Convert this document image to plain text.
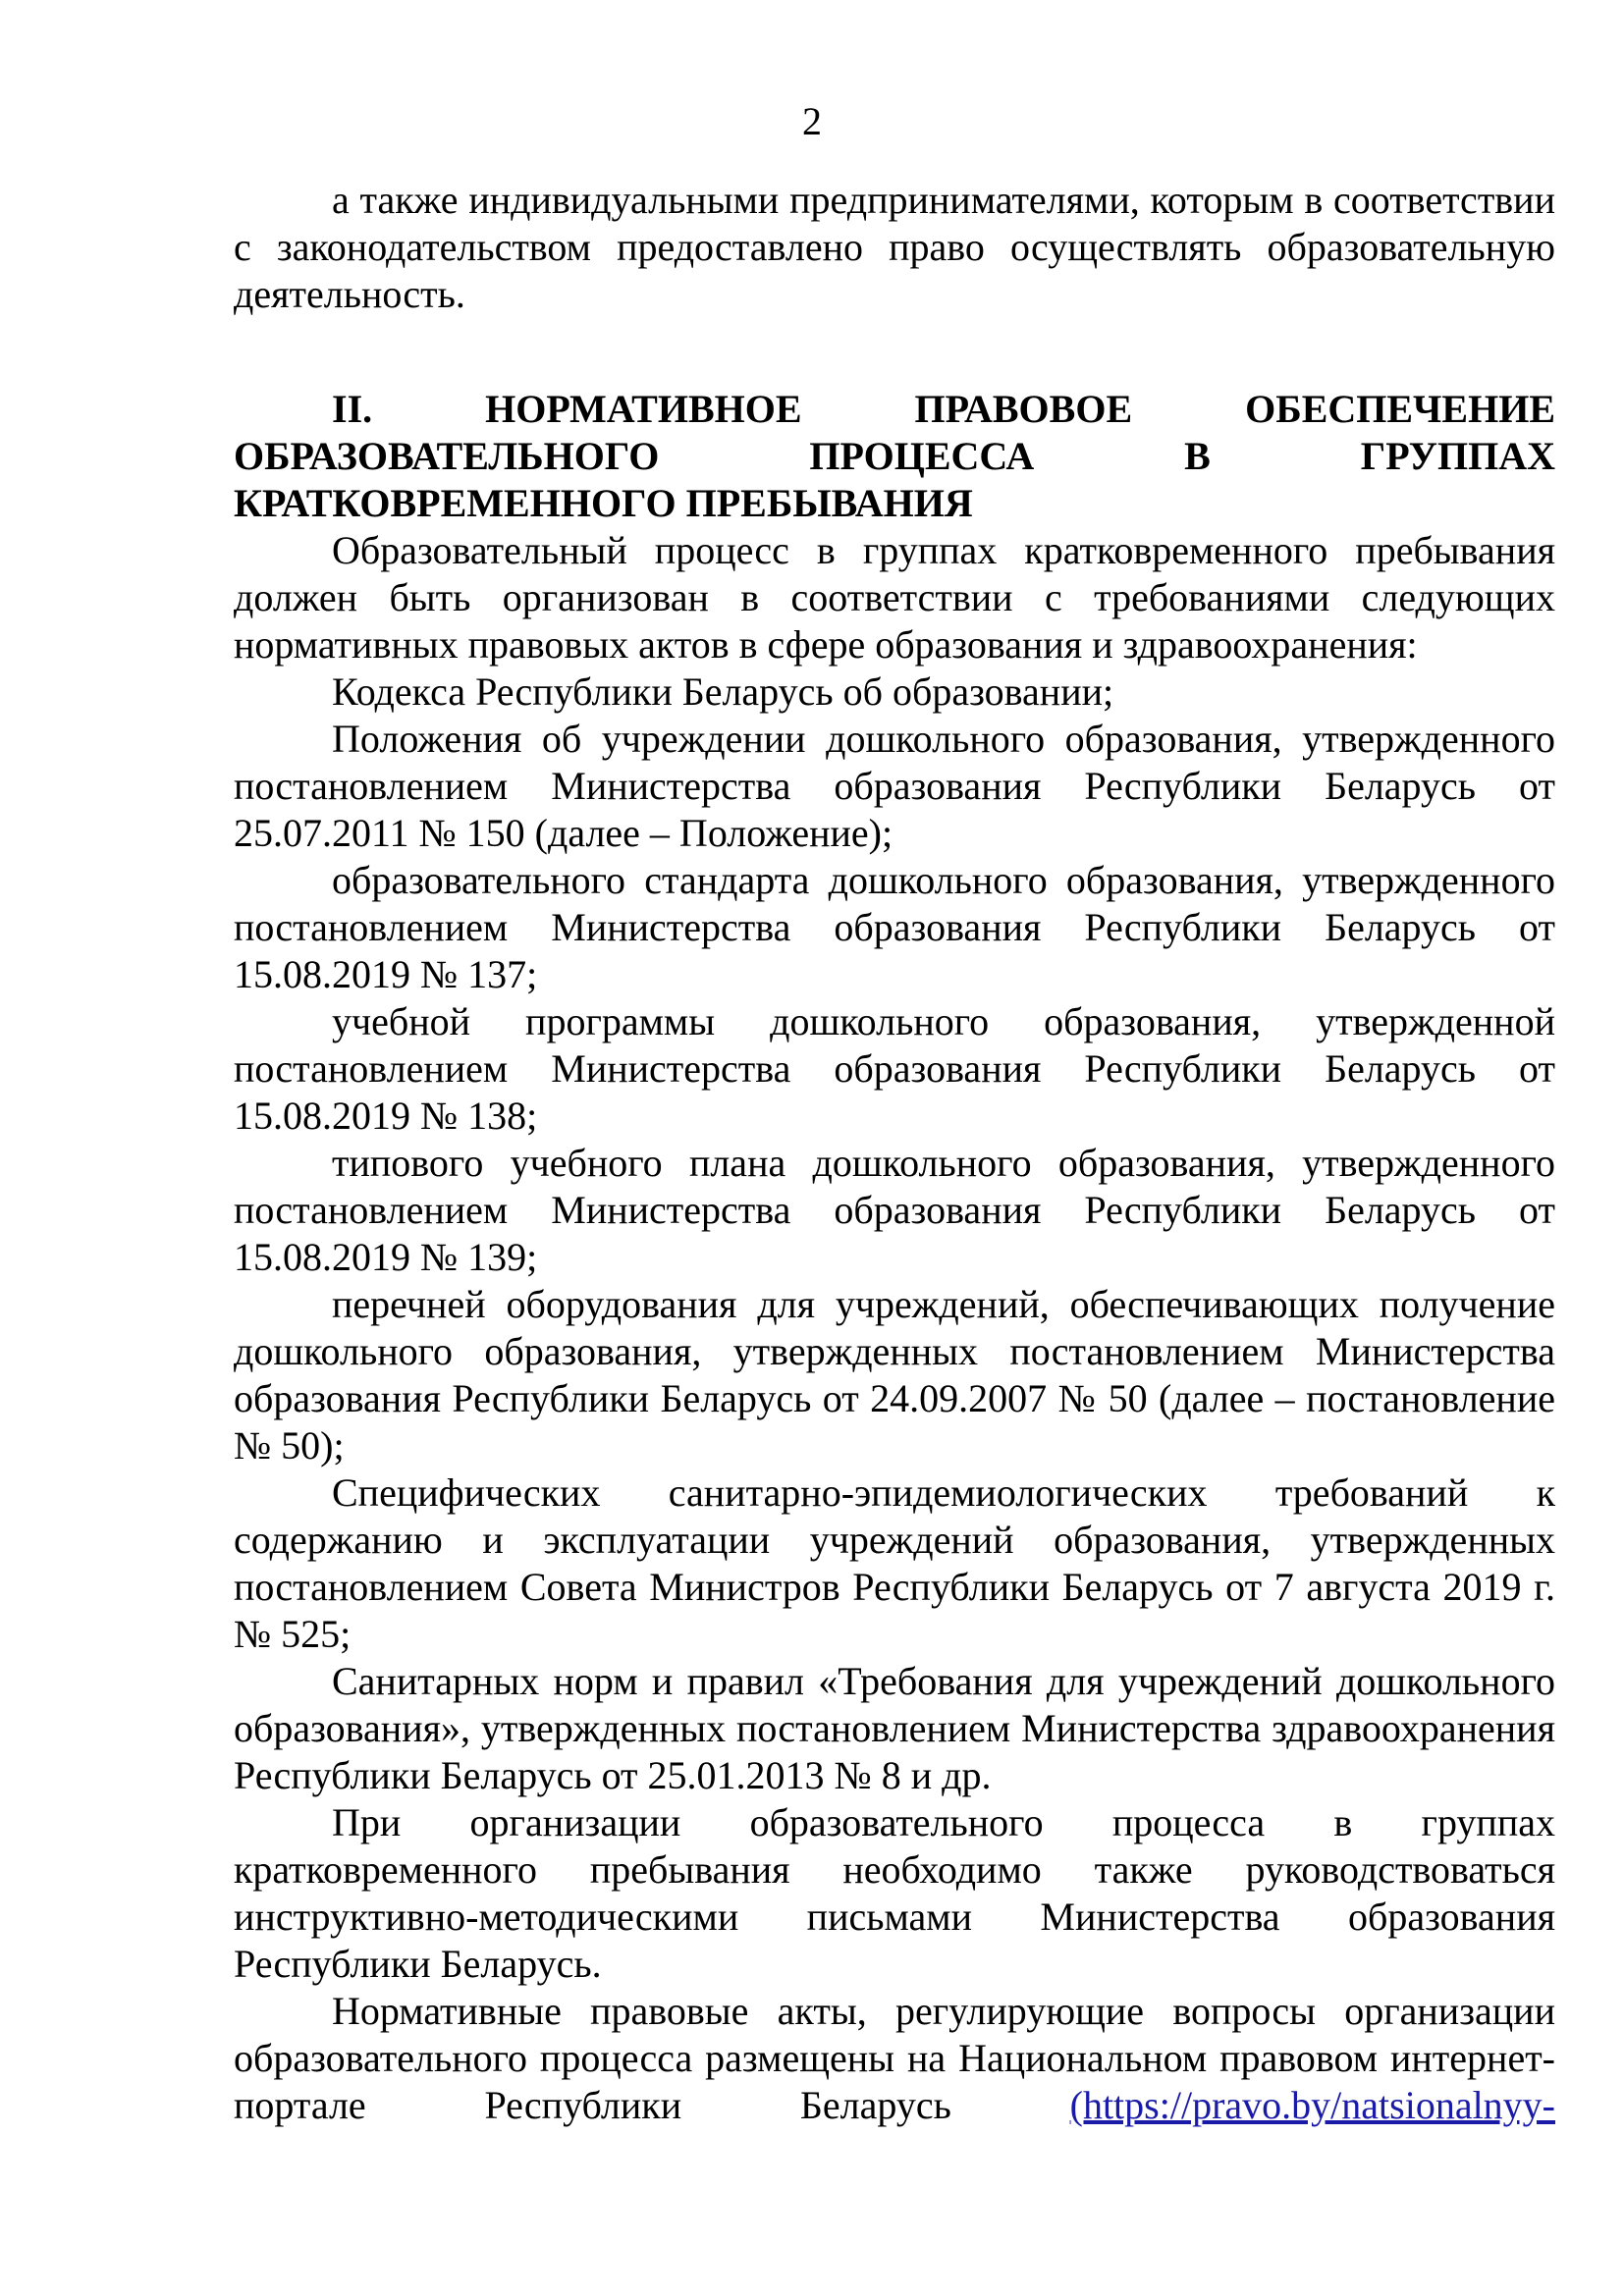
2

а также индивидуальными предпринимателями, которым в соответствии с законодательством предоставлено право осуществлять образовательную деятельность.

II. НОРМАТИВНОЕ ПРАВОВОЕ ОБЕСПЕЧЕНИЕ ОБРАЗОВАТЕЛЬНОГО ПРОЦЕССА В ГРУППАХ КРАТКОВРЕМЕННОГО ПРЕБЫВАНИЯ

Образовательный процесс в группах кратковременного пребывания должен быть организован в соответствии с требованиями следующих нормативных правовых актов в сфере образования и здравоохранения:

Кодекса Республики Беларусь об образовании;

Положения об учреждении дошкольного образования, утвержденного постановлением Министерства образования Республики Беларусь от 25.07.2011 № 150 (далее – Положение);

образовательного стандарта дошкольного образования, утвержденного постановлением Министерства образования Республики Беларусь от 15.08.2019 № 137;

учебной программы дошкольного образования, утвержденной постановлением Министерства образования Республики Беларусь от 15.08.2019 № 138;

типового учебного плана дошкольного образования, утвержденного постановлением Министерства образования Республики Беларусь от 15.08.2019 № 139;

перечней оборудования для учреждений, обеспечивающих получение дошкольного образования, утвержденных постановлением Министерства образования Республики Беларусь от 24.09.2007 № 50 (далее – постановление № 50);

Специфических санитарно-эпидемиологических требований к содержанию и эксплуатации учреждений образования, утвержденных постановлением Совета Министров Республики Беларусь от 7 августа 2019 г. № 525;

Санитарных норм и правил «Требования для учреждений дошкольного образования», утвержденных постановлением Министерства здравоохранения Республики Беларусь от 25.01.2013 № 8 и др.

При организации образовательного процесса в группах кратковременного пребывания необходимо также руководствоваться инструктивно-методическими письмами Министерства образования Республики Беларусь.

Нормативные правовые акты, регулирующие вопросы организации образовательного процесса размещены на Национальном правовом интернет-портале Республики Беларусь (https://pravo.by/natsionalnyy-
